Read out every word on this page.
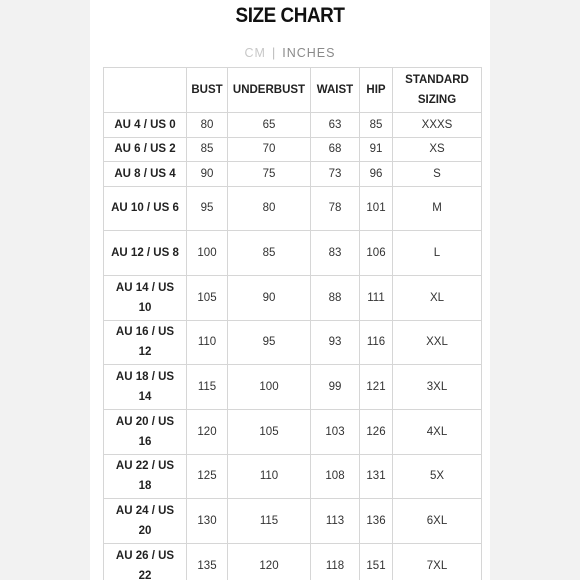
SIZE CHART
CM | INCHES
	BUST	UNDERBUST	WAIST	HIP	STANDARD SIZING
AU 4 / US 0	80	65	63	85	XXXS
AU 6 / US 2	85	70	68	91	XS
AU 8 / US 4	90	75	73	96	S
AU 10 / US 6	95	80	78	101	M
AU 12 / US 8	100	85	83	106	L
AU 14 / US 10	105	90	88	111	XL
AU 16 / US 12	110	95	93	116	XXL
AU 18 / US 14	115	100	99	121	3XL
AU 20 / US 16	120	105	103	126	4XL
AU 22 / US 18	125	110	108	131	5X
AU 24 / US 20	130	115	113	136	6XL
AU 26 / US 22	135	120	118	151	7XL
